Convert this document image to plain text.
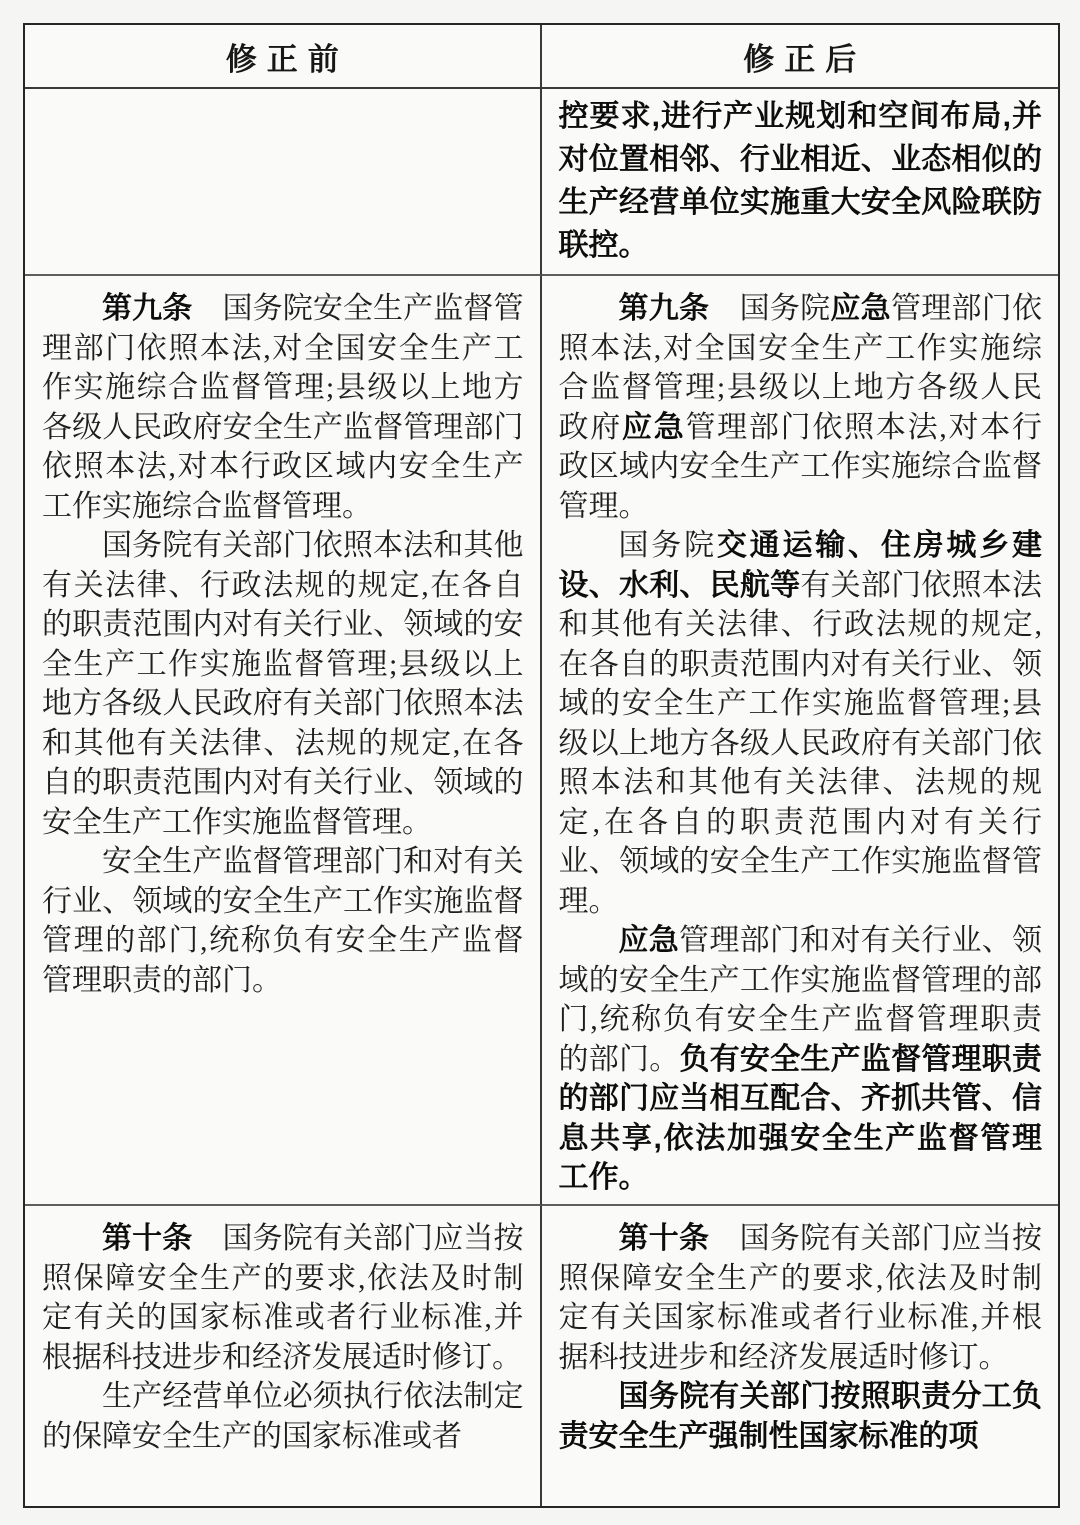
修正前	修正后

控要求,进行产业规划和空间布局,并对位置相邻、行业相近、业态相似的生产经营单位实施重大安全风险联防联控。

第九条　国务院安全生产监督管理部门依照本法,对全国安全生产工作实施综合监督管理;县级以上地方各级人民政府安全生产监督管理部门依照本法,对本行政区域内安全生产工作实施综合监督管理。

国务院有关部门依照本法和其他有关法律、行政法规的规定,在各自的职责范围内对有关行业、领域的安全生产工作实施监督管理;县级以上地方各级人民政府有关部门依照本法和其他有关法律、法规的规定,在各自的职责范围内对有关行业、领域的安全生产工作实施监督管理。

安全生产监督管理部门和对有关行业、领域的安全生产工作实施监督管理的部门,统称负有安全生产监督管理职责的部门。

第九条　国务院应急管理部门依照本法,对全国安全生产工作实施综合监督管理;县级以上地方各级人民政府应急管理部门依照本法,对本行政区域内安全生产工作实施综合监督管理。

国务院交通运输、住房城乡建设、水利、民航等有关部门依照本法和其他有关法律、行政法规的规定,在各自的职责范围内对有关行业、领域的安全生产工作实施监督管理;县级以上地方各级人民政府有关部门依照本法和其他有关法律、法规的规定,在各自的职责范围内对有关行业、领域的安全生产工作实施监督管理。

应急管理部门和对有关行业、领域的安全生产工作实施监督管理的部门,统称负有安全生产监督管理职责的部门。负有安全生产监督管理职责的部门应当相互配合、齐抓共管、信息共享,依法加强安全生产监督管理工作。

第十条　国务院有关部门应当按照保障安全生产的要求,依法及时制定有关的国家标准或者行业标准,并根据科技进步和经济发展适时修订。

生产经营单位必须执行依法制定的保障安全生产的国家标准或者

第十条　国务院有关部门应当按照保障安全生产的要求,依法及时制定有关国家标准或者行业标准,并根据科技进步和经济发展适时修订。

国务院有关部门按照职责分工负责安全生产强制性国家标准的项
